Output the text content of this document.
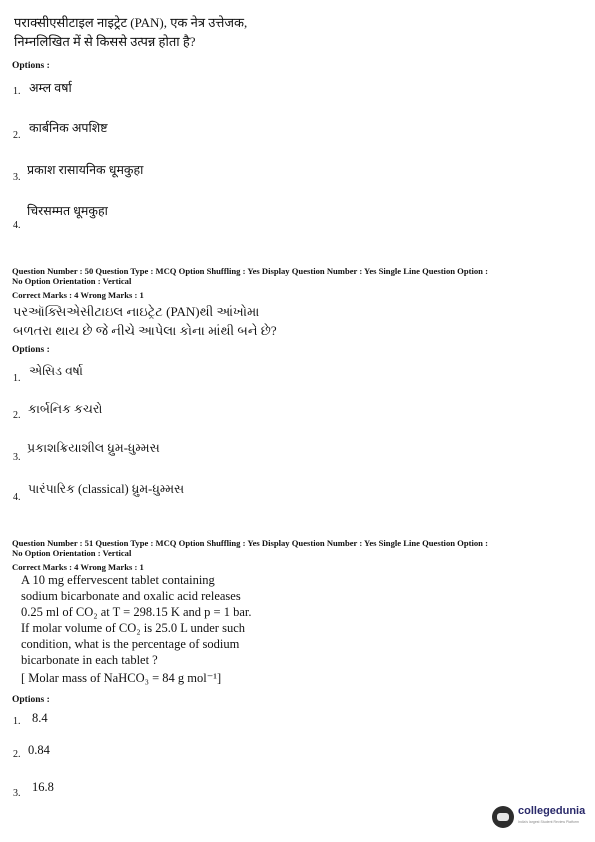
पराक्सीएसीटाइल नाइट्रेट (PAN), एक नेत्र उत्तेजक,
निम्नलिखित में से किससे उत्पन्न होता है?
Options :
1. अम्ल वर्षा
2.
कार्बनिक अपशिष्ट
3.
प्रकाश रासायनिक धूमकुहा
4.
चिरसम्मत धूमकुहा
Question Number : 50 Question Type : MCQ Option Shuffling : Yes Display Question Number : Yes Single Line Question Option :
No Option Orientation : Vertical
Correct Marks : 4 Wrong Marks : 1
પરઑક્સિએસીટાઇલ નાઇટ્રેટ (PAN)થી આંખોમા
બળતરા થાય છે જે નીચે આપેલા કોના માંથી બને છે?
Options :
1.
એસિડ વર્ષા
2. કાર્બનિક કચરો
3.
પ્રકાશક્રિયાશીલ ધ્રુમ-ધુમ્મસ
4.
પારંપારિક (classical) ધ્રુમ-ધુમ્મસ
Question Number : 51 Question Type : MCQ Option Shuffling : Yes Display Question Number : Yes Single Line Question Option :
No Option Orientation : Vertical
Correct Marks : 4 Wrong Marks : 1
A 10 mg effervescent tablet containing
sodium bicarbonate and oxalic acid releases
0.25 ml of CO₂ at T = 298.15 K and p = 1 bar.
If molar volume of CO₂ is 25.0 L under such
condition, what is the percentage of sodium
bicarbonate in each tablet ?
[ Molar mass of NaHCO₃ = 84 g mol⁻¹]
Options :
1. 8.4
2. 0.84
3. 16.8
collegedunia
India's largest Student Review Platform
